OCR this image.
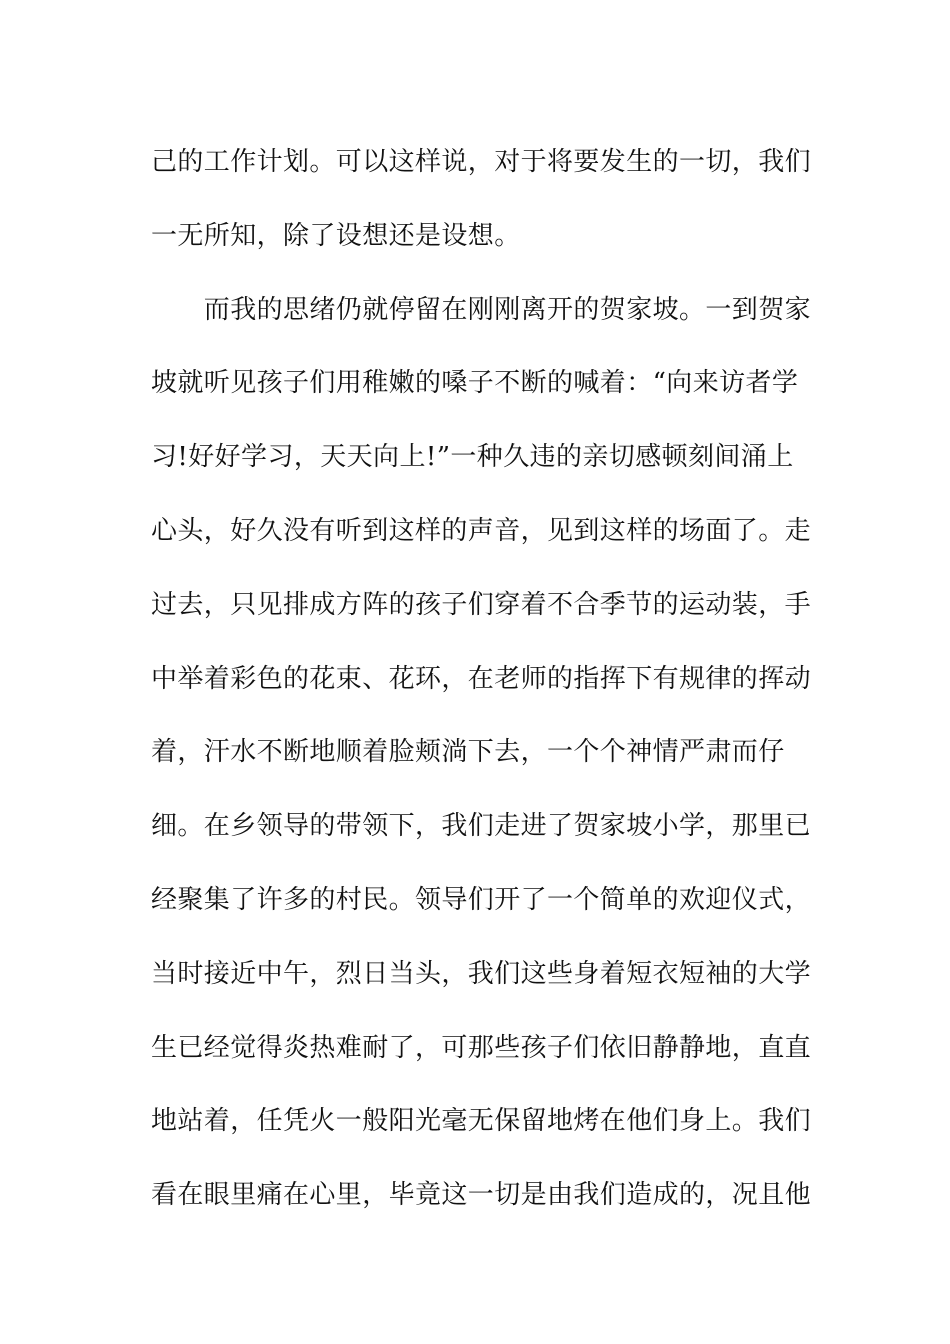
己的工作计划。可以这样说，对于将要发生的一切，我们
一无所知，除了设想还是设想。
　　而我的思绪仍就停留在刚刚离开的贺家坡。一到贺家
坡就听见孩子们用稚嫩的嗓子不断的喊着：“向来访者学
习!好好学习，天天向上!”一种久违的亲切感顿刻间涌上
心头，好久没有听到这样的声音，见到这样的场面了。走
过去，只见排成方阵的孩子们穿着不合季节的运动装，手
中举着彩色的花束、花环，在老师的指挥下有规律的挥动
着，汗水不断地顺着脸颊淌下去，一个个神情严肃而仔
细。在乡领导的带领下，我们走进了贺家坡小学，那里已
经聚集了许多的村民。领导们开了一个简单的欢迎仪式，
当时接近中午，烈日当头，我们这些身着短衣短袖的大学
生已经觉得炎热难耐了，可那些孩子们依旧静静地，直直
地站着，任凭火一般阳光毫无保留地烤在他们身上。我们
看在眼里痛在心里，毕竟这一切是由我们造成的，况且他
